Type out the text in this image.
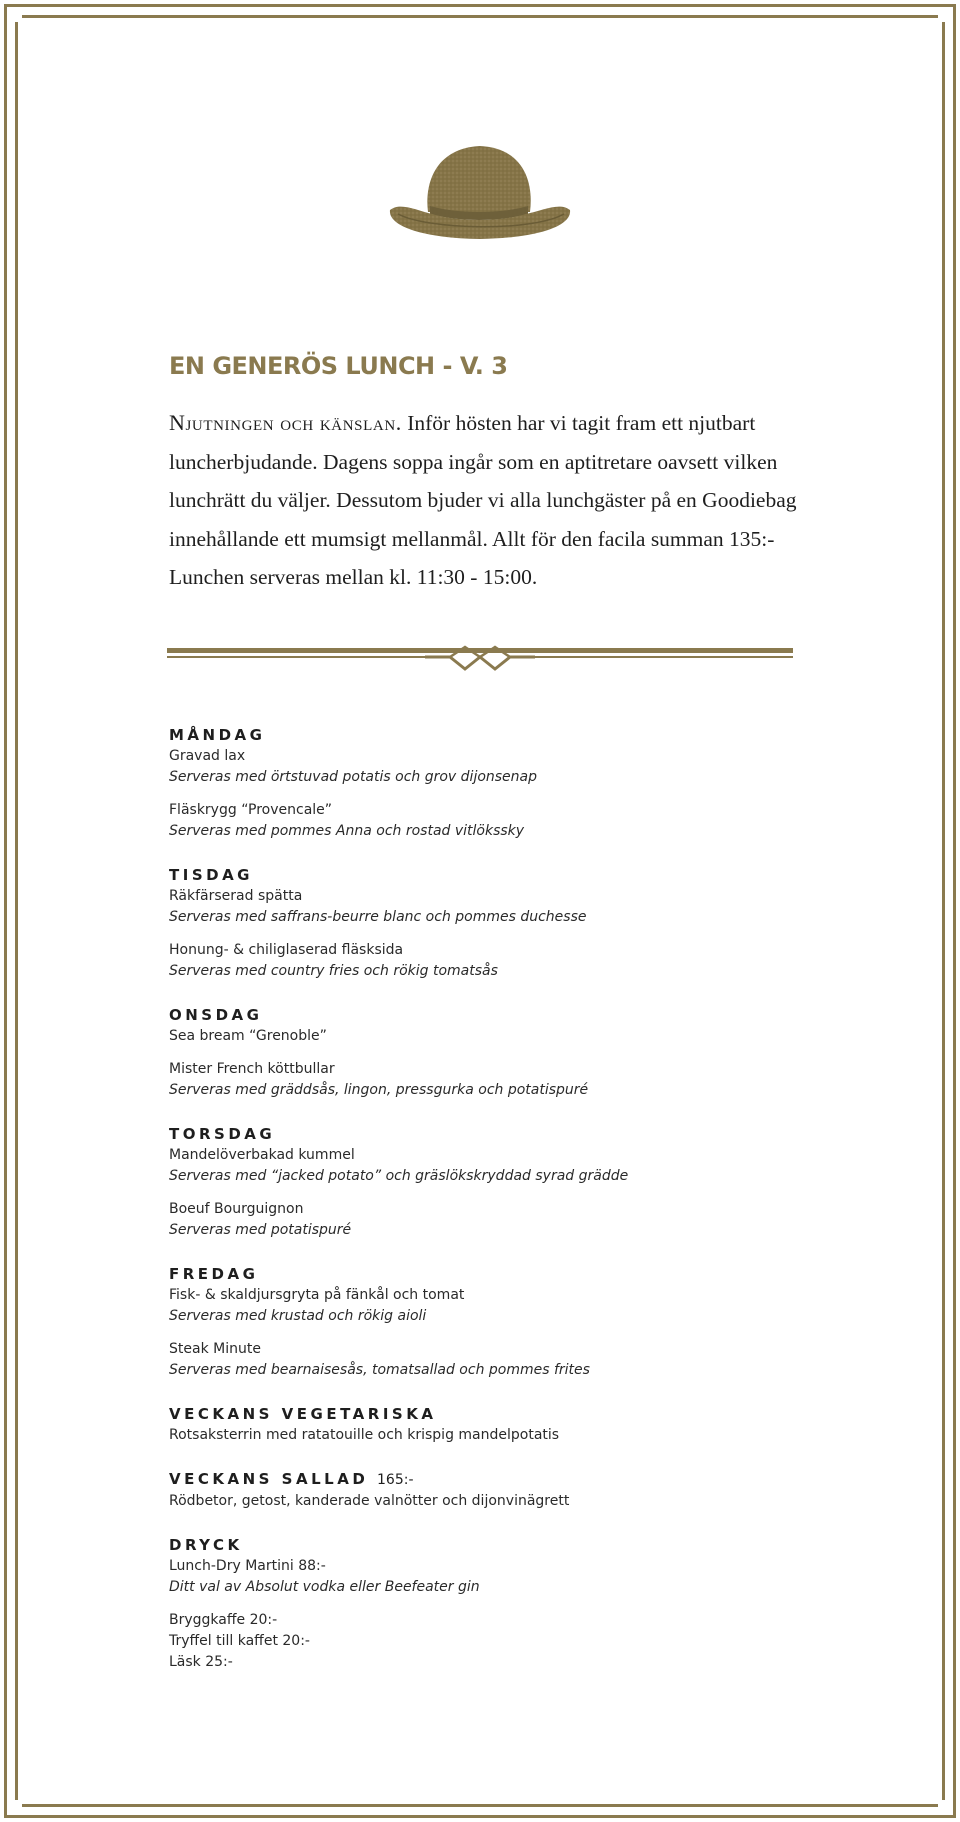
EN GENERÖS LUNCH - V. 3

Njutningen och känslan. Inför hösten har vi tagit fram ett njutbart luncherbjudande. Dagens soppa ingår som en aptitretare oavsett vilken lunchrätt du väljer. Dessutom bjuder vi alla lunchgäster på en Goodiebag innehållande ett mumsigt mellanmål. Allt för den facila summan 135:- Lunchen serveras mellan kl. 11:30 - 15:00.

MÅNDAG

Gravad lax

Serveras med örtstuvad potatis och grov dijonsenap

Fläskrygg “Provencale”

Serveras med pommes Anna och rostad vitlökssky

TISDAG

Räkfärserad spätta

Serveras med saffrans-beurre blanc och pommes duchesse

Honung- & chiliglaserad fläsksida

Serveras med country fries och rökig tomatsås

ONSDAG

Sea bream “Grenoble”

Mister French köttbullar

Serveras med gräddsås, lingon, pressgurka och potatispuré

TORSDAG

Mandelöverbakad kummel

Serveras med “jacked potato” och gräslökskryddad syrad grädde

Boeuf Bourguignon

Serveras med potatispuré

FREDAG

Fisk- & skaldjursgryta på fänkål och tomat

Serveras med krustad och rökig aioli

Steak Minute

Serveras med bearnaisesås, tomatsallad och pommes frites

VECKANS VEGETARISKA

Rotsaksterrin med ratatouille och krispig mandelpotatis

VECKANS SALLAD 165:-

Rödbetor, getost, kanderade valnötter och dijonvinägrett

DRYCK

Lunch-Dry Martini 88:-

Ditt val av Absolut vodka eller Beefeater gin

Bryggkaffe 20:-

Tryffel till kaffet 20:-

Läsk 25:-
